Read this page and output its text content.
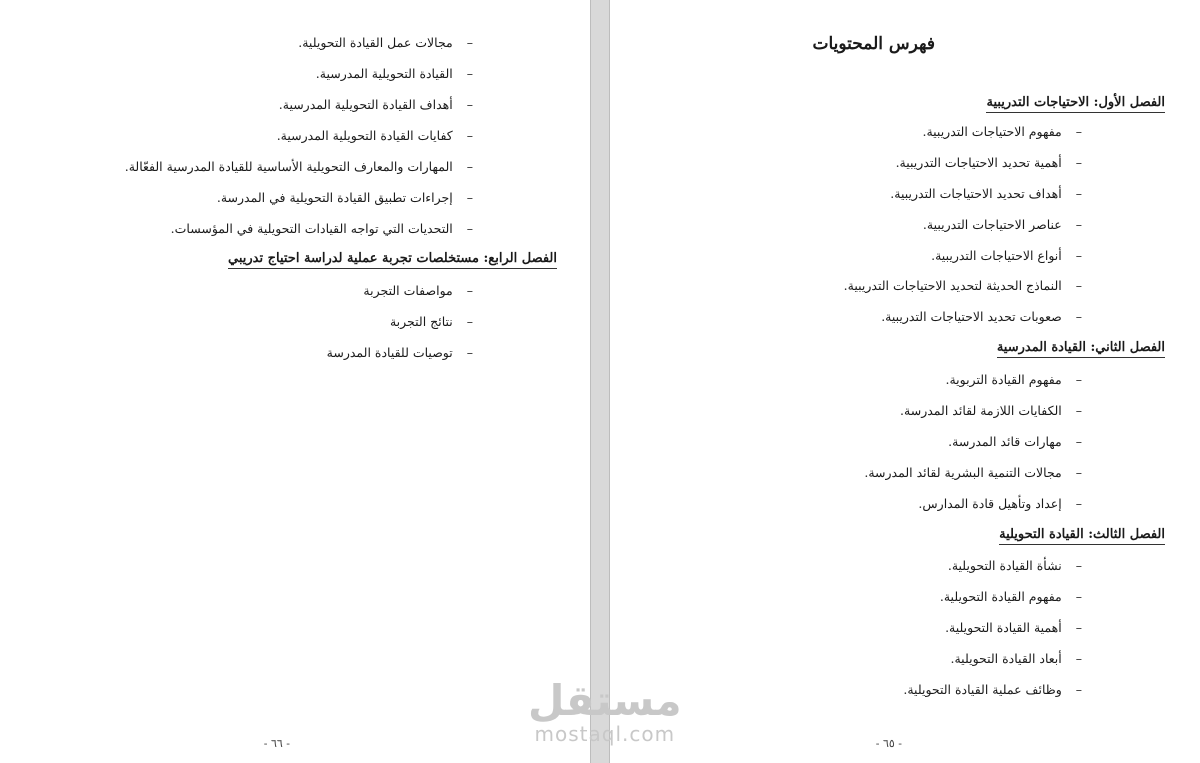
فهرس المحتويات
الفصل الأول: الاحتياجات التدريبية
–
مفهوم الاحتياجات التدريبية.
–
أهمية تحديد الاحتياجات التدريبية.
–
أهداف تحديد الاحتياجات التدريبية.
–
عناصر الاحتياجات التدريبية.
–
أنواع الاحتياجات التدريبية.
–
النماذج الحديثة لتحديد الاحتياجات التدريبية.
–
صعوبات تحديد الاحتياجات التدريبية.
الفصل الثاني: القيادة المدرسية
–
مفهوم القيادة التربوية.
–
الكفايات اللازمة لقائد المدرسة.
–
مهارات قائد المدرسة.
–
مجالات التنمية البشرية لقائد المدرسة.
–
إعداد وتأهيل قادة المدارس.
الفصل الثالث: القيادة التحويلية
–
نشأة القيادة التحويلية.
–
مفهوم القيادة التحويلية.
–
أهمية القيادة التحويلية.
–
أبعاد القيادة التحويلية.
–
وظائف عملية القيادة التحويلية.
- ٦٥ -
–
مجالات عمل القيادة التحويلية.
–
القيادة التحويلية المدرسية.
–
أهداف القيادة التحويلية المدرسية.
–
كفايات القيادة التحويلية المدرسية.
–
المهارات والمعارف التحويلية الأساسية للقيادة المدرسية الفعّالة.
–
إجراءات تطبيق القيادة التحويلية في المدرسة.
–
التحديات التي تواجه القيادات التحويلية في المؤسسات.
الفصل الرابع: مستخلصات تجربة عملية لدراسة احتياج تدريبي
–
مواصفات التجربة
–
نتائج التجربة
–
توصيات للقيادة المدرسة
- ٦٦ -
مستقل
mostaql.com
